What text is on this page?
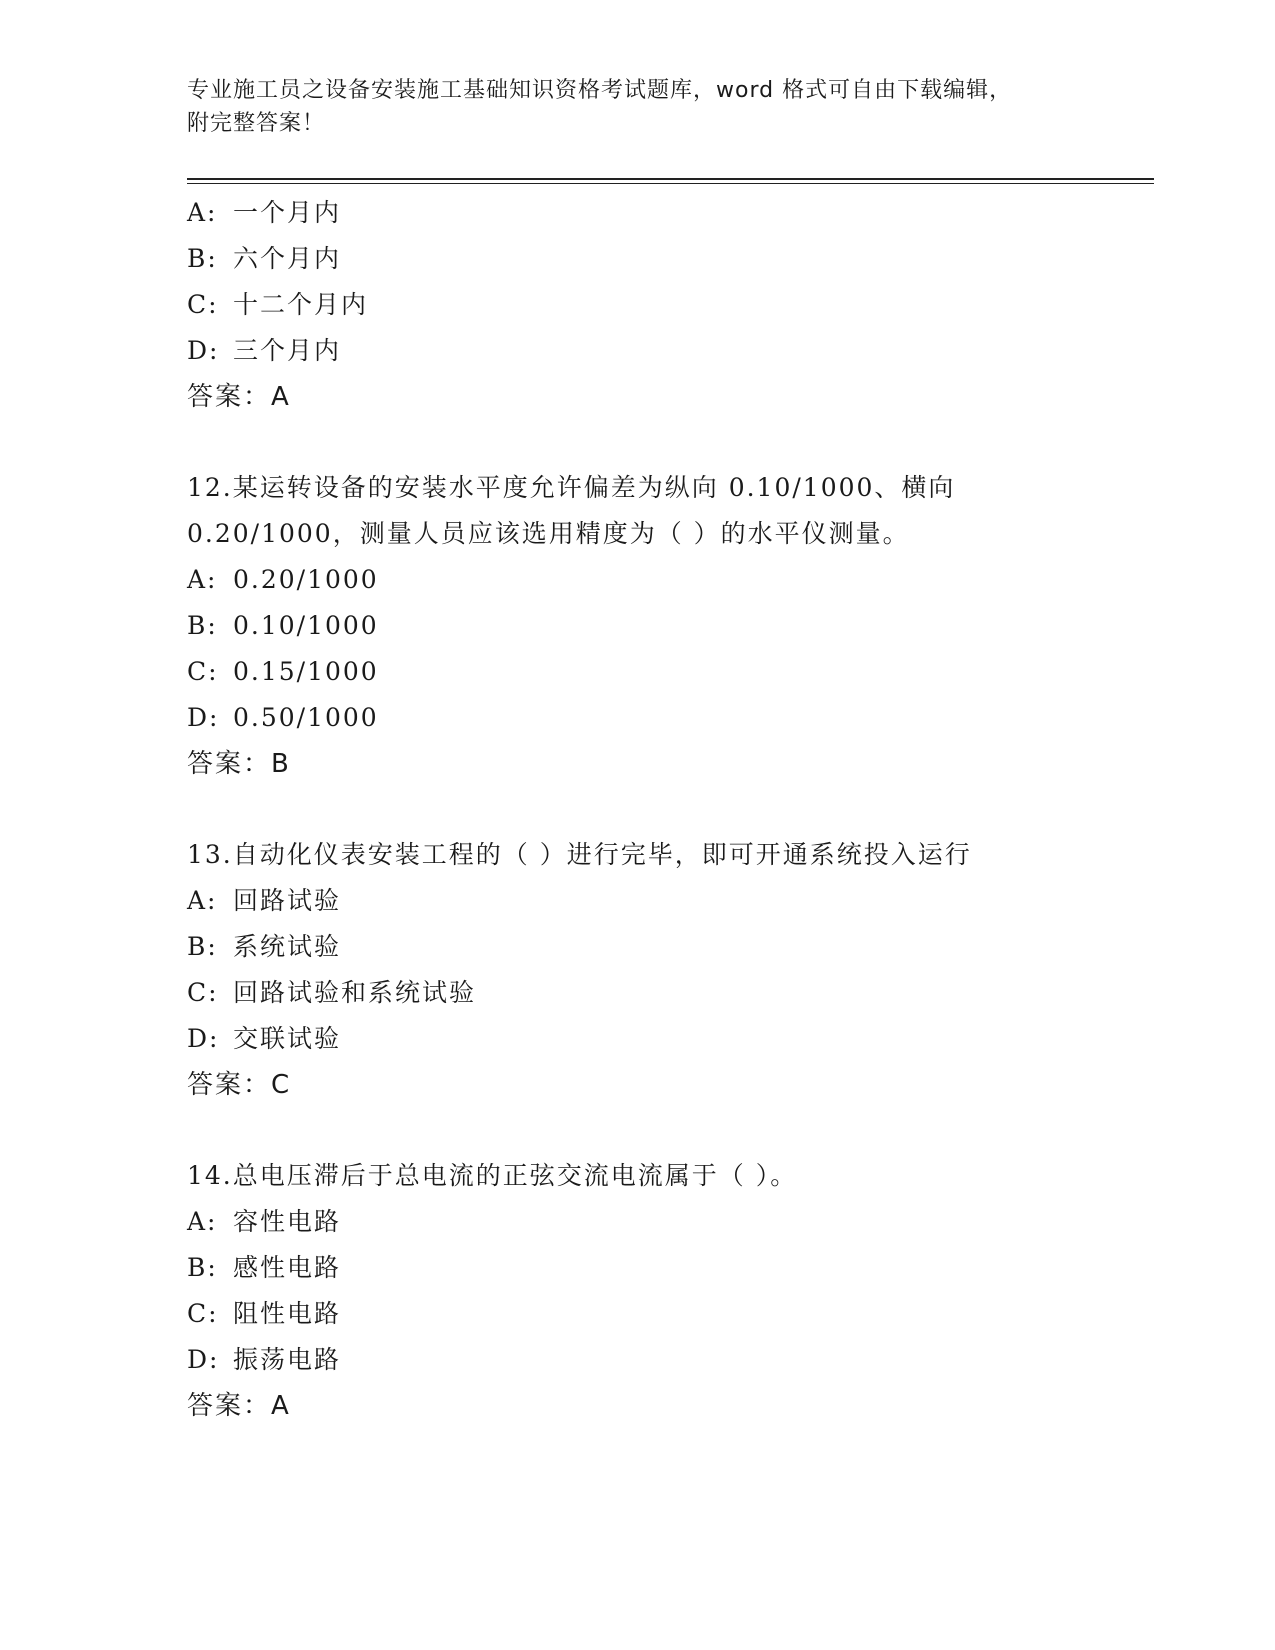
专业施工员之设备安装施工基础知识资格考试题库，word 格式可自由下载编辑，
附完整答案！
A: 一个月内
B: 六个月内
C: 十二个月内
D: 三个月内
答案：A
12.某运转设备的安装水平度允许偏差为纵向 0.10/1000、横向
0.20/1000，测量人员应该选用精度为（ ）的水平仪测量。
A: 0.20/1000
B: 0.10/1000
C: 0.15/1000
D: 0.50/1000
答案：B
13.自动化仪表安装工程的（ ）进行完毕，即可开通系统投入运行
A: 回路试验
B: 系统试验
C: 回路试验和系统试验
D: 交联试验
答案：C
14.总电压滞后于总电流的正弦交流电流属于（ ）。
A: 容性电路
B: 感性电路
C: 阻性电路
D: 振荡电路
答案：A
